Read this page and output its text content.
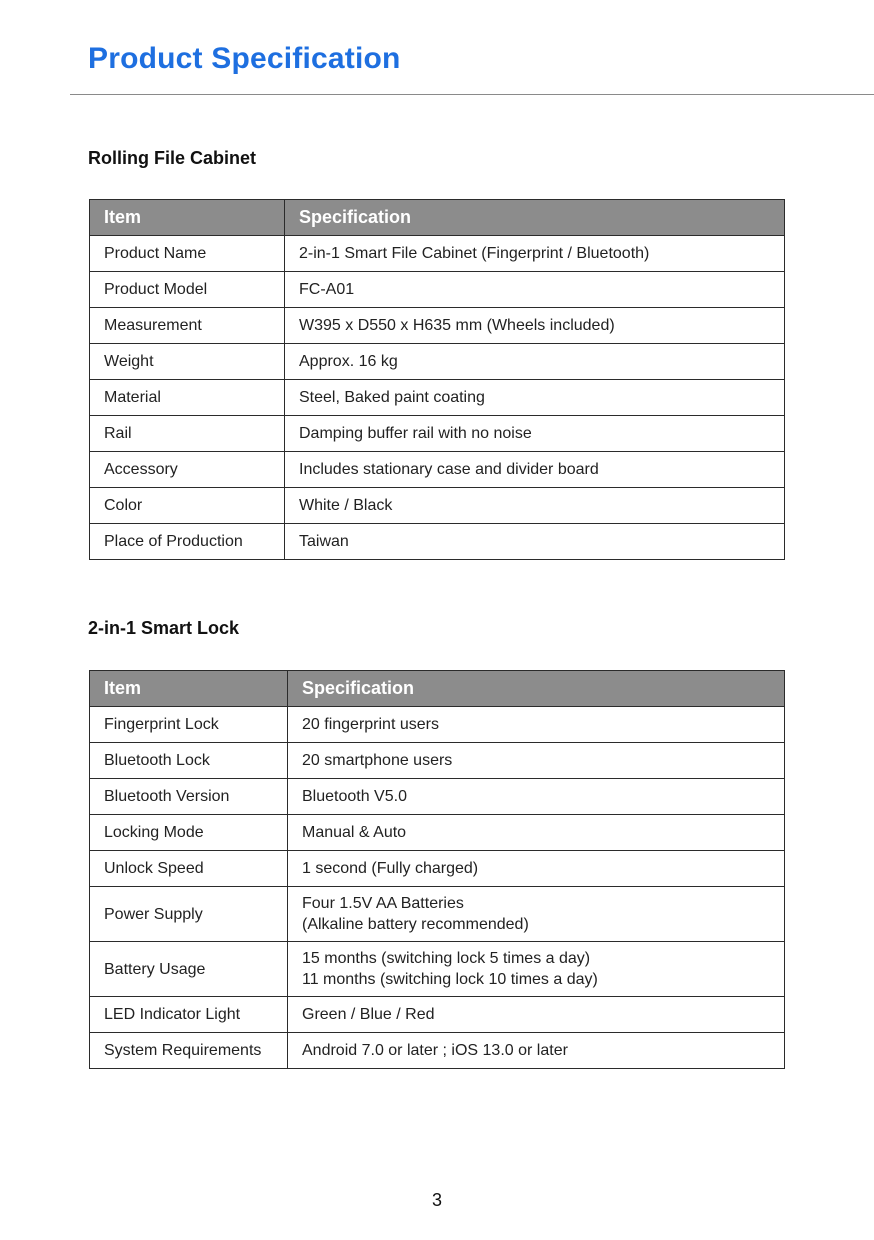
Product Specification
Rolling File Cabinet
Item	Specification
Product Name	2-in-1 Smart File Cabinet (Fingerprint / Bluetooth)
Product Model	FC-A01
Measurement	W395 x D550 x H635 mm (Wheels included)
Weight	Approx. 16 kg
Material	Steel, Baked paint coating
Rail	Damping buffer rail with no noise
Accessory	Includes stationary case and divider board
Color	White / Black
Place of Production	Taiwan
2-in-1 Smart Lock
Item	Specification
Fingerprint Lock	20 fingerprint users
Bluetooth Lock	20 smartphone users
Bluetooth Version	Bluetooth V5.0
Locking Mode	Manual & Auto
Unlock Speed	1 second (Fully charged)
Power Supply	Four 1.5V AA Batteries
(Alkaline battery recommended)

Battery Usage	15 months (switching lock 5 times a day)
11 months (switching lock 10 times a day)

LED Indicator Light	Green / Blue / Red
System Requirements	Android 7.0 or later ; iOS 13.0 or later
3
